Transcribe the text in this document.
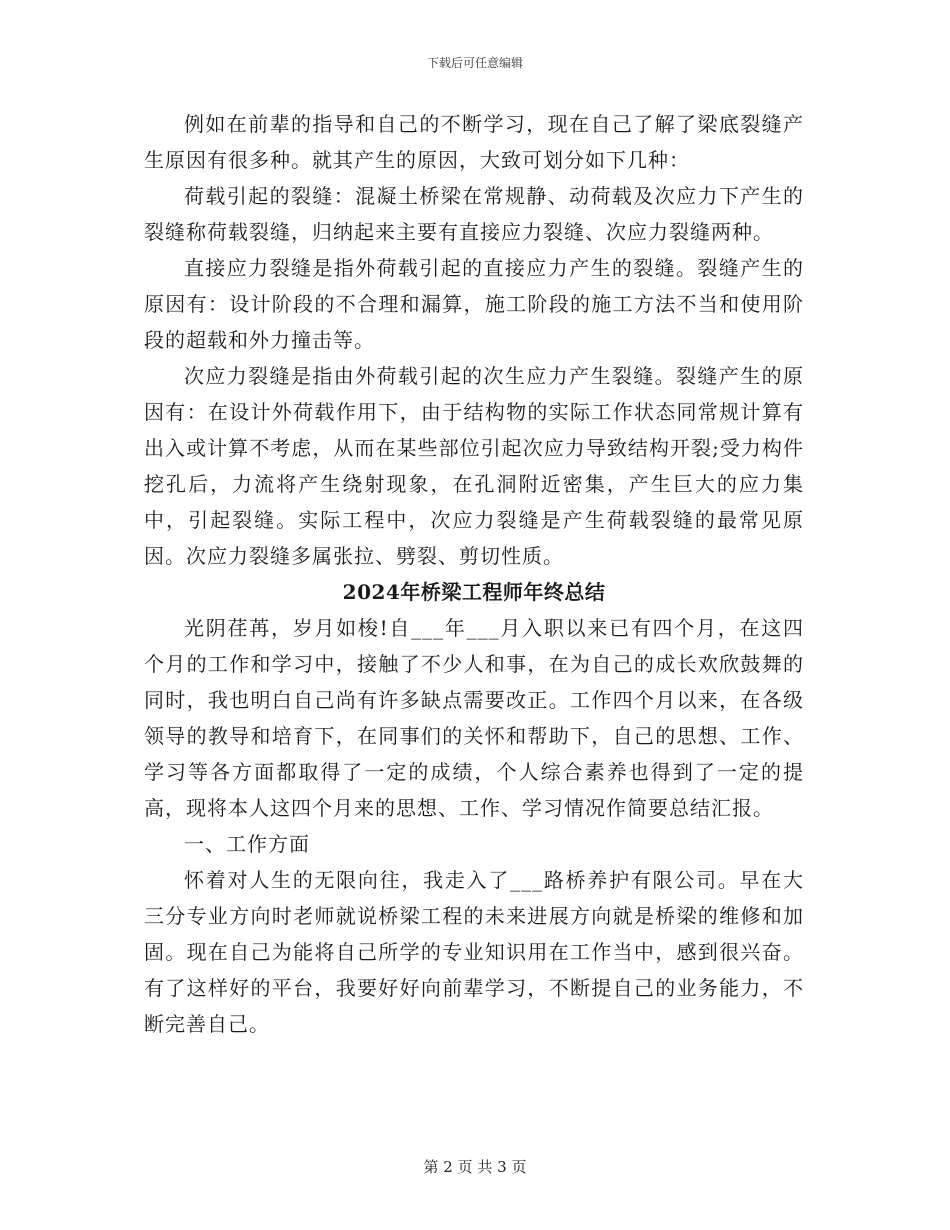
下载后可任意编辑

例如在前辈的指导和自己的不断学习，现在自己了解了梁底裂缝产生原因有很多种。就其产生的原因，大致可划分如下几种：

荷载引起的裂缝：混凝土桥梁在常规静、动荷载及次应力下产生的裂缝称荷载裂缝，归纳起来主要有直接应力裂缝、次应力裂缝两种。

直接应力裂缝是指外荷载引起的直接应力产生的裂缝。裂缝产生的原因有：设计阶段的不合理和漏算，施工阶段的施工方法不当和使用阶段的超载和外力撞击等。

次应力裂缝是指由外荷载引起的次生应力产生裂缝。裂缝产生的原因有：在设计外荷载作用下，由于结构物的实际工作状态同常规计算有出入或计算不考虑，从而在某些部位引起次应力导致结构开裂;受力构件挖孔后，力流将产生绕射现象，在孔洞附近密集，产生巨大的应力集中，引起裂缝。实际工程中，次应力裂缝是产生荷载裂缝的最常见原因。次应力裂缝多属张拉、劈裂、剪切性质。

2024年桥梁工程师年终总结

光阴荏苒，岁月如梭!自___年___月入职以来已有四个月，在这四个月的工作和学习中，接触了不少人和事，在为自己的成长欢欣鼓舞的同时，我也明白自己尚有许多缺点需要改正。工作四个月以来，在各级领导的教导和培育下，在同事们的关怀和帮助下，自己的思想、工作、学习等各方面都取得了一定的成绩，个人综合素养也得到了一定的提高，现将本人这四个月来的思想、工作、学习情况作简要总结汇报。

一、工作方面

怀着对人生的无限向往，我走入了___路桥养护有限公司。早在大三分专业方向时老师就说桥梁工程的未来进展方向就是桥梁的维修和加固。现在自己为能将自己所学的专业知识用在工作当中，感到很兴奋。有了这样好的平台，我要好好向前辈学习，不断提自己的业务能力，不断完善自己。

第 2 页 共 3 页
